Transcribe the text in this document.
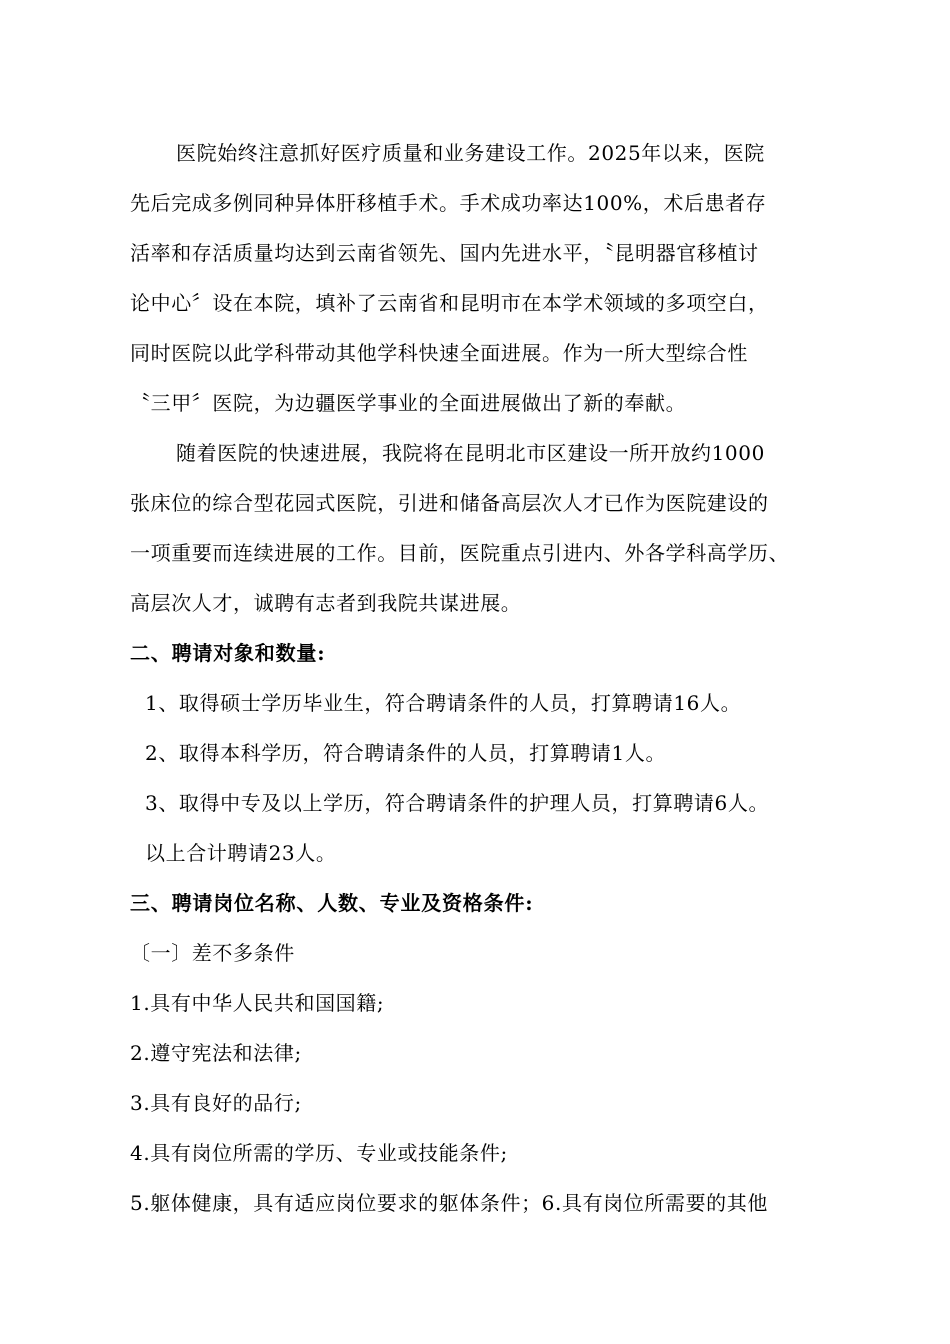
医院始终注意抓好医疗质量和业务建设工作。2025年以来，医院
先后完成多例同种异体肝移植手术。手术成功率达100%，术后患者存
活率和存活质量均达到云南省领先、国内先进水平，〝昆明器官移植讨
论中心〞设在本院，填补了云南省和昆明市在本学术领域的多项空白，
同时医院以此学科带动其他学科快速全面进展。作为一所大型综合性
〝三甲〞医院，为边疆医学事业的全面进展做出了新的奉献。
随着医院的快速进展，我院将在昆明北市区建设一所开放约1000
张床位的综合型花园式医院，引进和储备高层次人才已作为医院建设的
一项重要而连续进展的工作。目前，医院重点引进内、外各学科高学历、
高层次人才，诚聘有志者到我院共谋进展。
二、聘请对象和数量:
1、取得硕士学历毕业生，符合聘请条件的人员，打算聘请16人。
2、取得本科学历，符合聘请条件的人员，打算聘请1人。
3、取得中专及以上学历，符合聘请条件的护理人员，打算聘请6人。
以上合计聘请23人。
三、聘请岗位名称、人数、专业及资格条件:
〔一〕差不多条件
1.具有中华人民共和国国籍;
2.遵守宪法和法律;
3.具有良好的品行;
4.具有岗位所需的学历、专业或技能条件;
5.躯体健康，具有适应岗位要求的躯体条件；6.具有岗位所需要的其他
